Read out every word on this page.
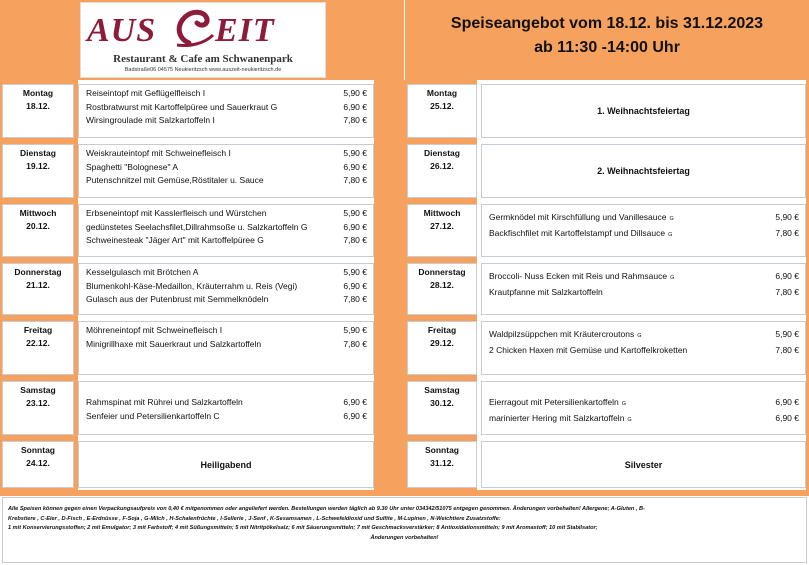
AUS EIT
Restaurant & Cafe am Schwanenpark
Badstraße06 04575 Neukieritzsch www.auszeit-neukieritzsch.de
Speiseangebot vom 18.12. bis 31.12.2023
ab 11:30 -14:00 Uhr
Montag
18.12.
Reiseintopf mit Geflügelfleisch I	5,90 €
Rostbratwurst mit Kartoffelpüree und Sauerkraut G	6,90 €
Wirsingroulade mit Salzkartoffeln I	7,80 €
Dienstag
19.12.
Weiskrauteintopf mit Schweinefleisch I	5,90 €
Spaghetti "Bolognese" A	6,90 €
Putenschnitzel mit Gemüse,Röstitaler u. Sauce	7,80 €
Mittwoch
20.12.
Erbseneintopf mit Kasslerfleisch und Würstchen	5,90 €
gedünstetes Seelachsfilet,Dillrahmsoße u. Salzkartoffeln G	6,90 €
Schweinesteak "Jäger Art" mit Kartoffelpüree G	7,80 €
Donnerstag
21.12.
Kesselgulasch mit Brötchen A	5,90 €
Blumenkohl-Käse-Medaillon, Kräuterrahm u. Reis (Vegi)	6,90 €
Gulasch aus der Putenbrust mit Semmelknödeln	7,80 €
Freitag
22.12.
Möhreneintopf mit Schweinefleisch I	5,90 €
Minigrillhaxe mit Sauerkraut und Salzkartoffeln	7,80 €
Samstag
23.12.	Rahmspinat mit Rührei und Salzkartoffeln	6,90 €
Senfeier und Petersilienkartoffeln C	6,90 €
Sonntag
24.12.	Heiligabend
Montag
25.12.	1. Weihnachtsfeiertag
Dienstag
26.12.	2. Weihnachtsfeiertag
Mittwoch
27.12.
Germknödel mit Kirschfüllung und Vanillesauce G	5,90 €
Backfischfilet mit Kartoffelstampf und Dillsauce G	7,80 €
Donnerstag
28.12.
Broccoli- Nuss Ecken mit Reis und Rahmsauce G	6,90 €
Krautpfanne mit Salzkartoffeln	7,80 €
Freitag
29.12.
Waldpilzsüppchen mit Kräutercroutons G	5,90 €
2 Chicken Haxen mit Gemüse und Kartoffelkroketten	7,80 €
Samstag
30.12.	Eierragout mit Petersilienkartoffeln G	6,90 €
marinierter Hering mit Salzkartoffeln G	6,90 €
Sonntag
31.12.	Silvester
Alle Speisen können gegen einen Verpackungsaufpreis von 0,40 € mitgenommen oder angeliefert werden. Bestellungen werden täglich ab 9.30 Uhr unter 034342/51075 entgegen genommen. Änderungen vorbehalten! Allergene; A-Gluten , B-
Krebstiere , C-Eier , D-Fisch , E-Erdnüsse , F-Soja , G-Milch , H-Schalenfrüchte , I-Sellerie , J-Senf , K-Sesamsamen , L-Schwefeldioxid und Sulfite , M-Lupinen , N-Weichtiere Zusatzstoffe:
1 mit Konservierungsstoffen; 2 mit Emulgator; 3 mit Farbstoff; 4 mit Süßungsmitteln; 5 mit Nitritpökelsalz; 6 mit Säuerungsmitteln; 7 mit Geschmacksverstärker; 8 Antioxidationsmitteln; 9 mit Aromastoff; 10 mit Stabilsator;
Änderungen vorbehalten!
